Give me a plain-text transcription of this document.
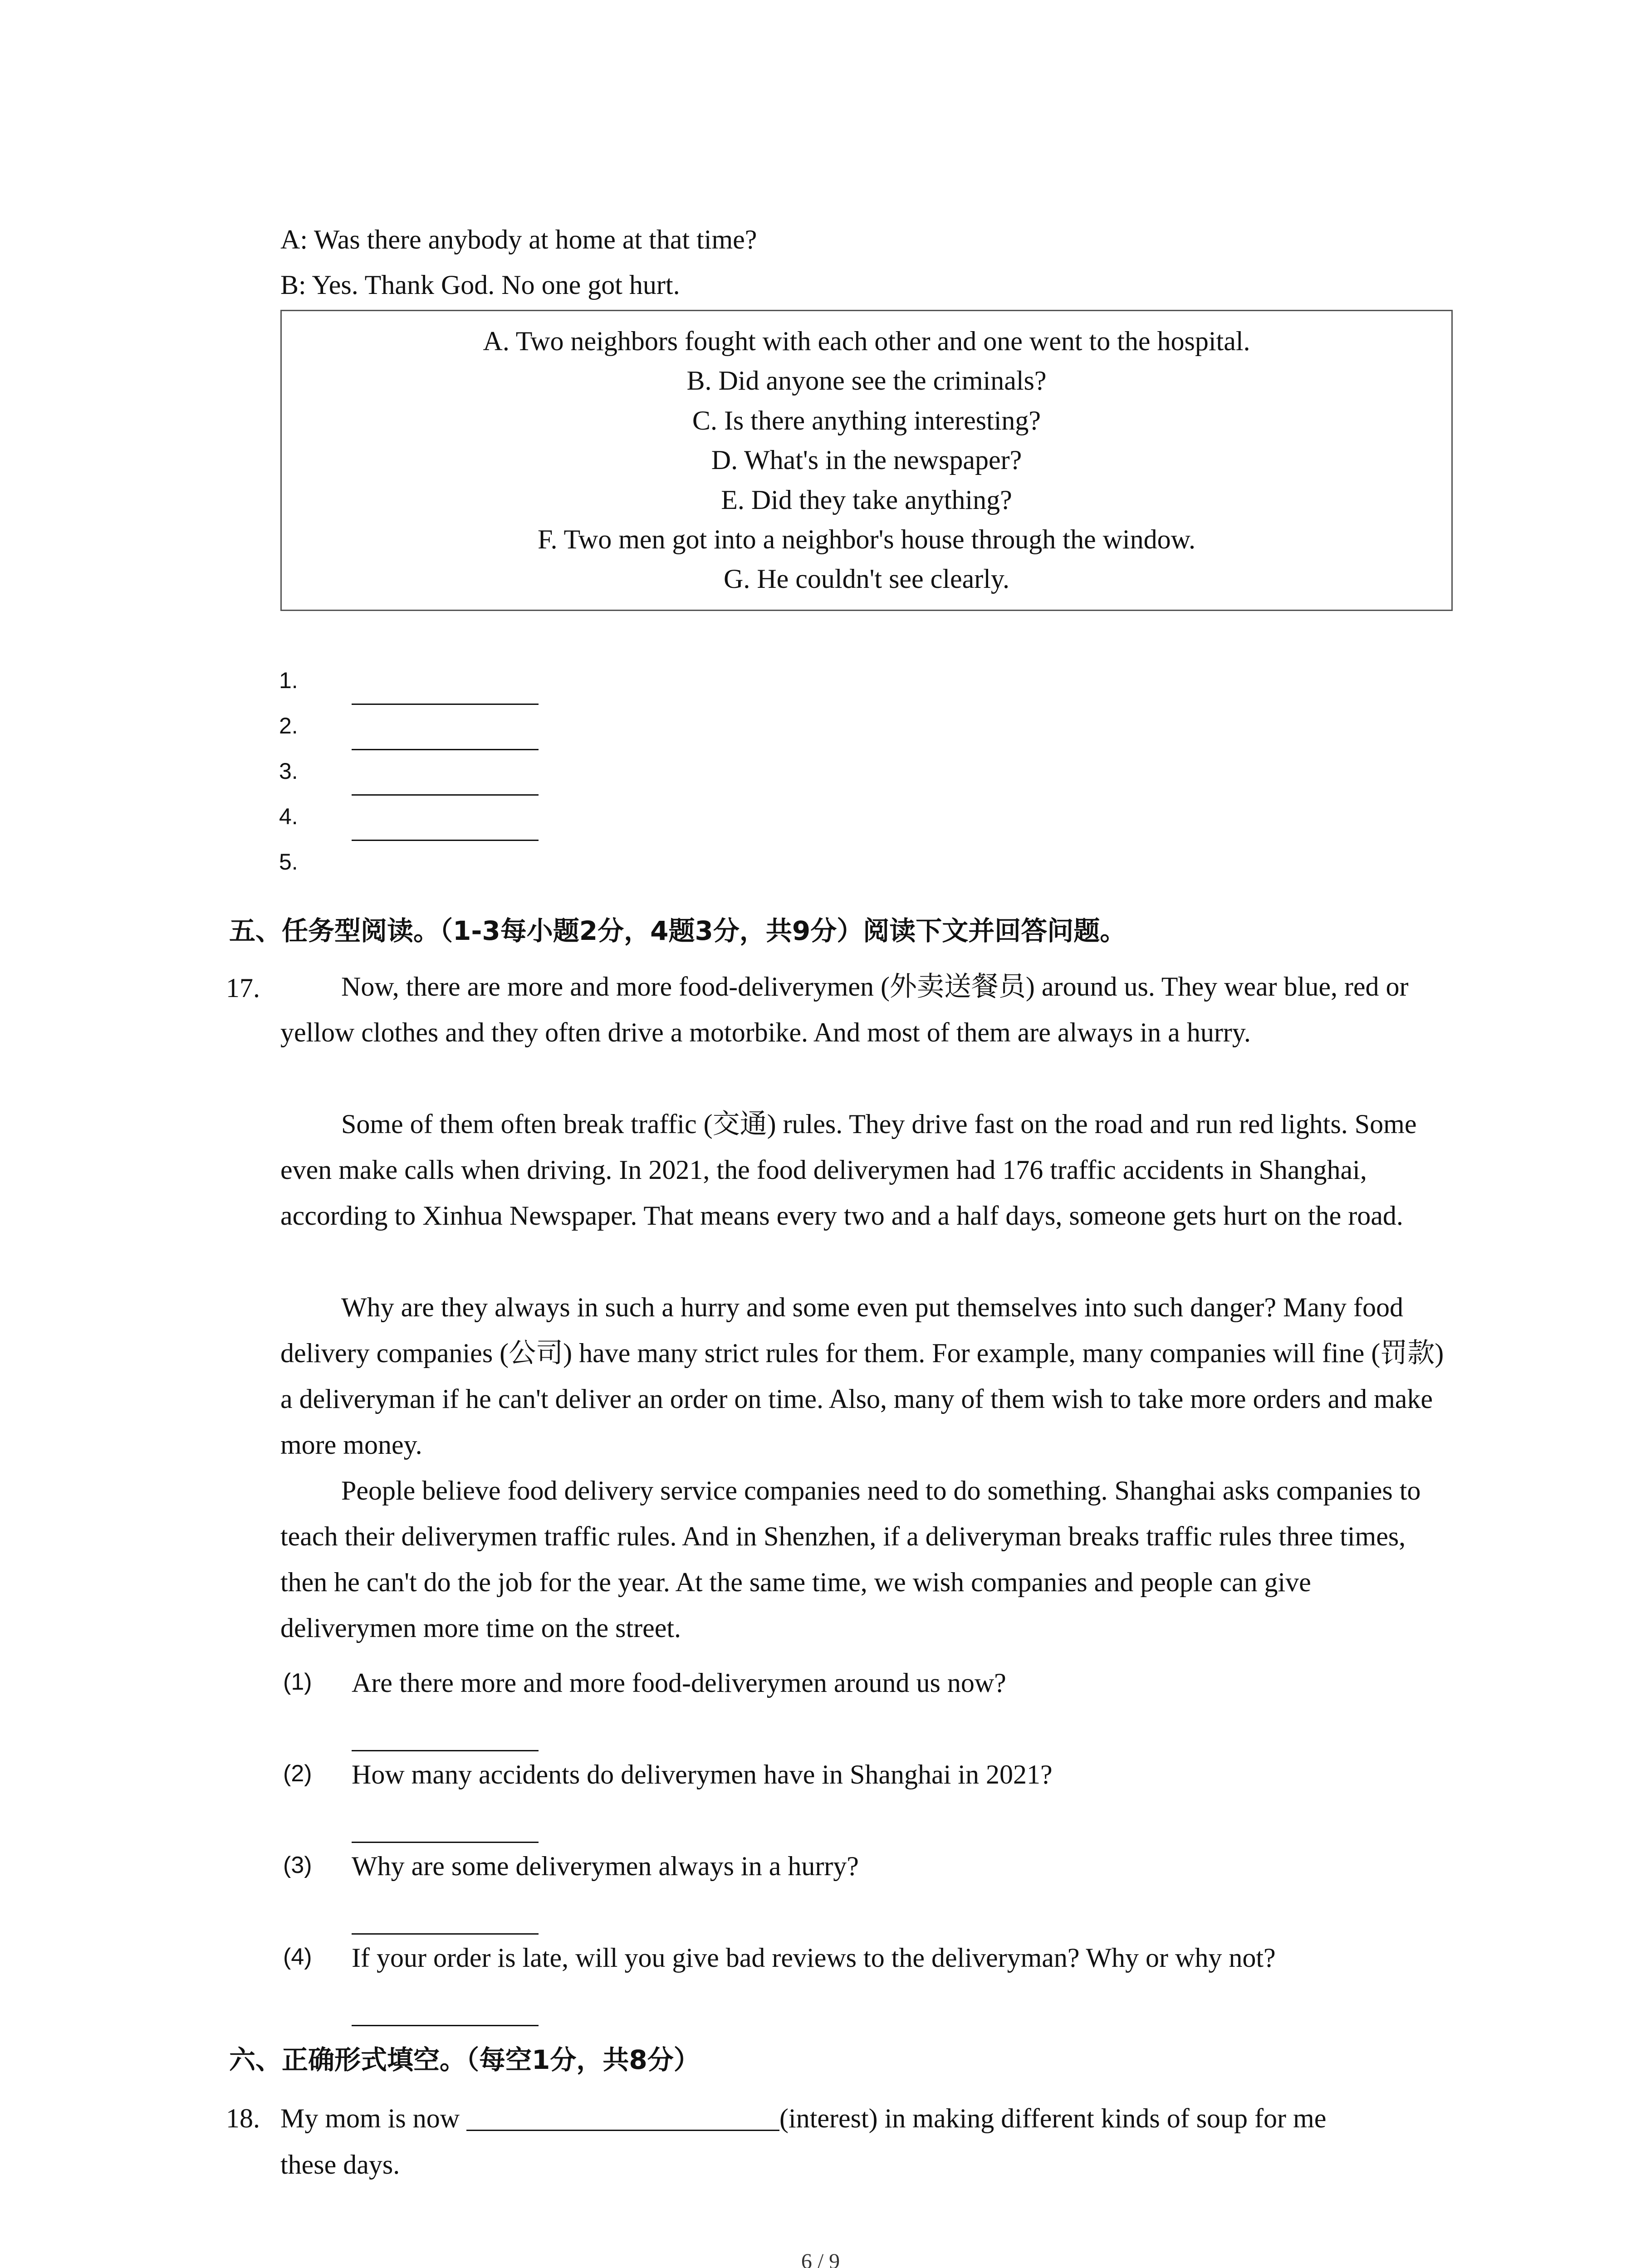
A: Was there anybody at home at that time?
B: Yes. Thank God. No one got hurt.
A. Two neighbors fought with each other and one went to the hospital.
B. Did anyone see the criminals?
C. Is there anything interesting?
D. What's in the newspaper?
E. Did they take anything?
F. Two men got into a neighbor's house through the window.
G. He couldn't see clearly.
1.
2.
3.
4.
5.
五、任务型阅读。（1-3每小题2分，4题3分，共9分）阅读下文并回答问题。
17.	Now, there are more and more food-deliverymen (外卖送餐员) around us. They wear blue, red or yellow clothes and they often drive a motorbike. And most of them are always in a hurry.

Some of them often break traffic (交通) rules. They drive fast on the road and run red lights. Some even make calls when driving. In 2021, the food deliverymen had 176 traffic accidents in Shanghai, according to Xinhua Newspaper. That means every two and a half days, someone gets hurt on the road.

Why are they always in such a hurry and some even put themselves into such danger? Many food delivery companies (公司) have many strict rules for them. For example, many companies will fine (罚款) a deliveryman if he can't deliver an order on time. Also, many of them wish to take more orders and make more money.

People believe food delivery service companies need to do something. Shanghai asks companies to teach their deliverymen traffic rules. And in Shenzhen, if a deliveryman breaks traffic rules three times, then he can't do the job for the year. At the same time, we wish companies and people can give deliverymen more time on the street.

(1) Are there more and more food-deliverymen around us now?
(2) How many accidents do deliverymen have in Shanghai in 2021?
(3) Why are some deliverymen always in a hurry?
(4) If your order is late, will you give bad reviews to the deliveryman? Why or why not?
六、正确形式填空。（每空1分，共8分）
18. My mom is now	(interest) in making different kinds of soup for me
these days.
6 / 9
